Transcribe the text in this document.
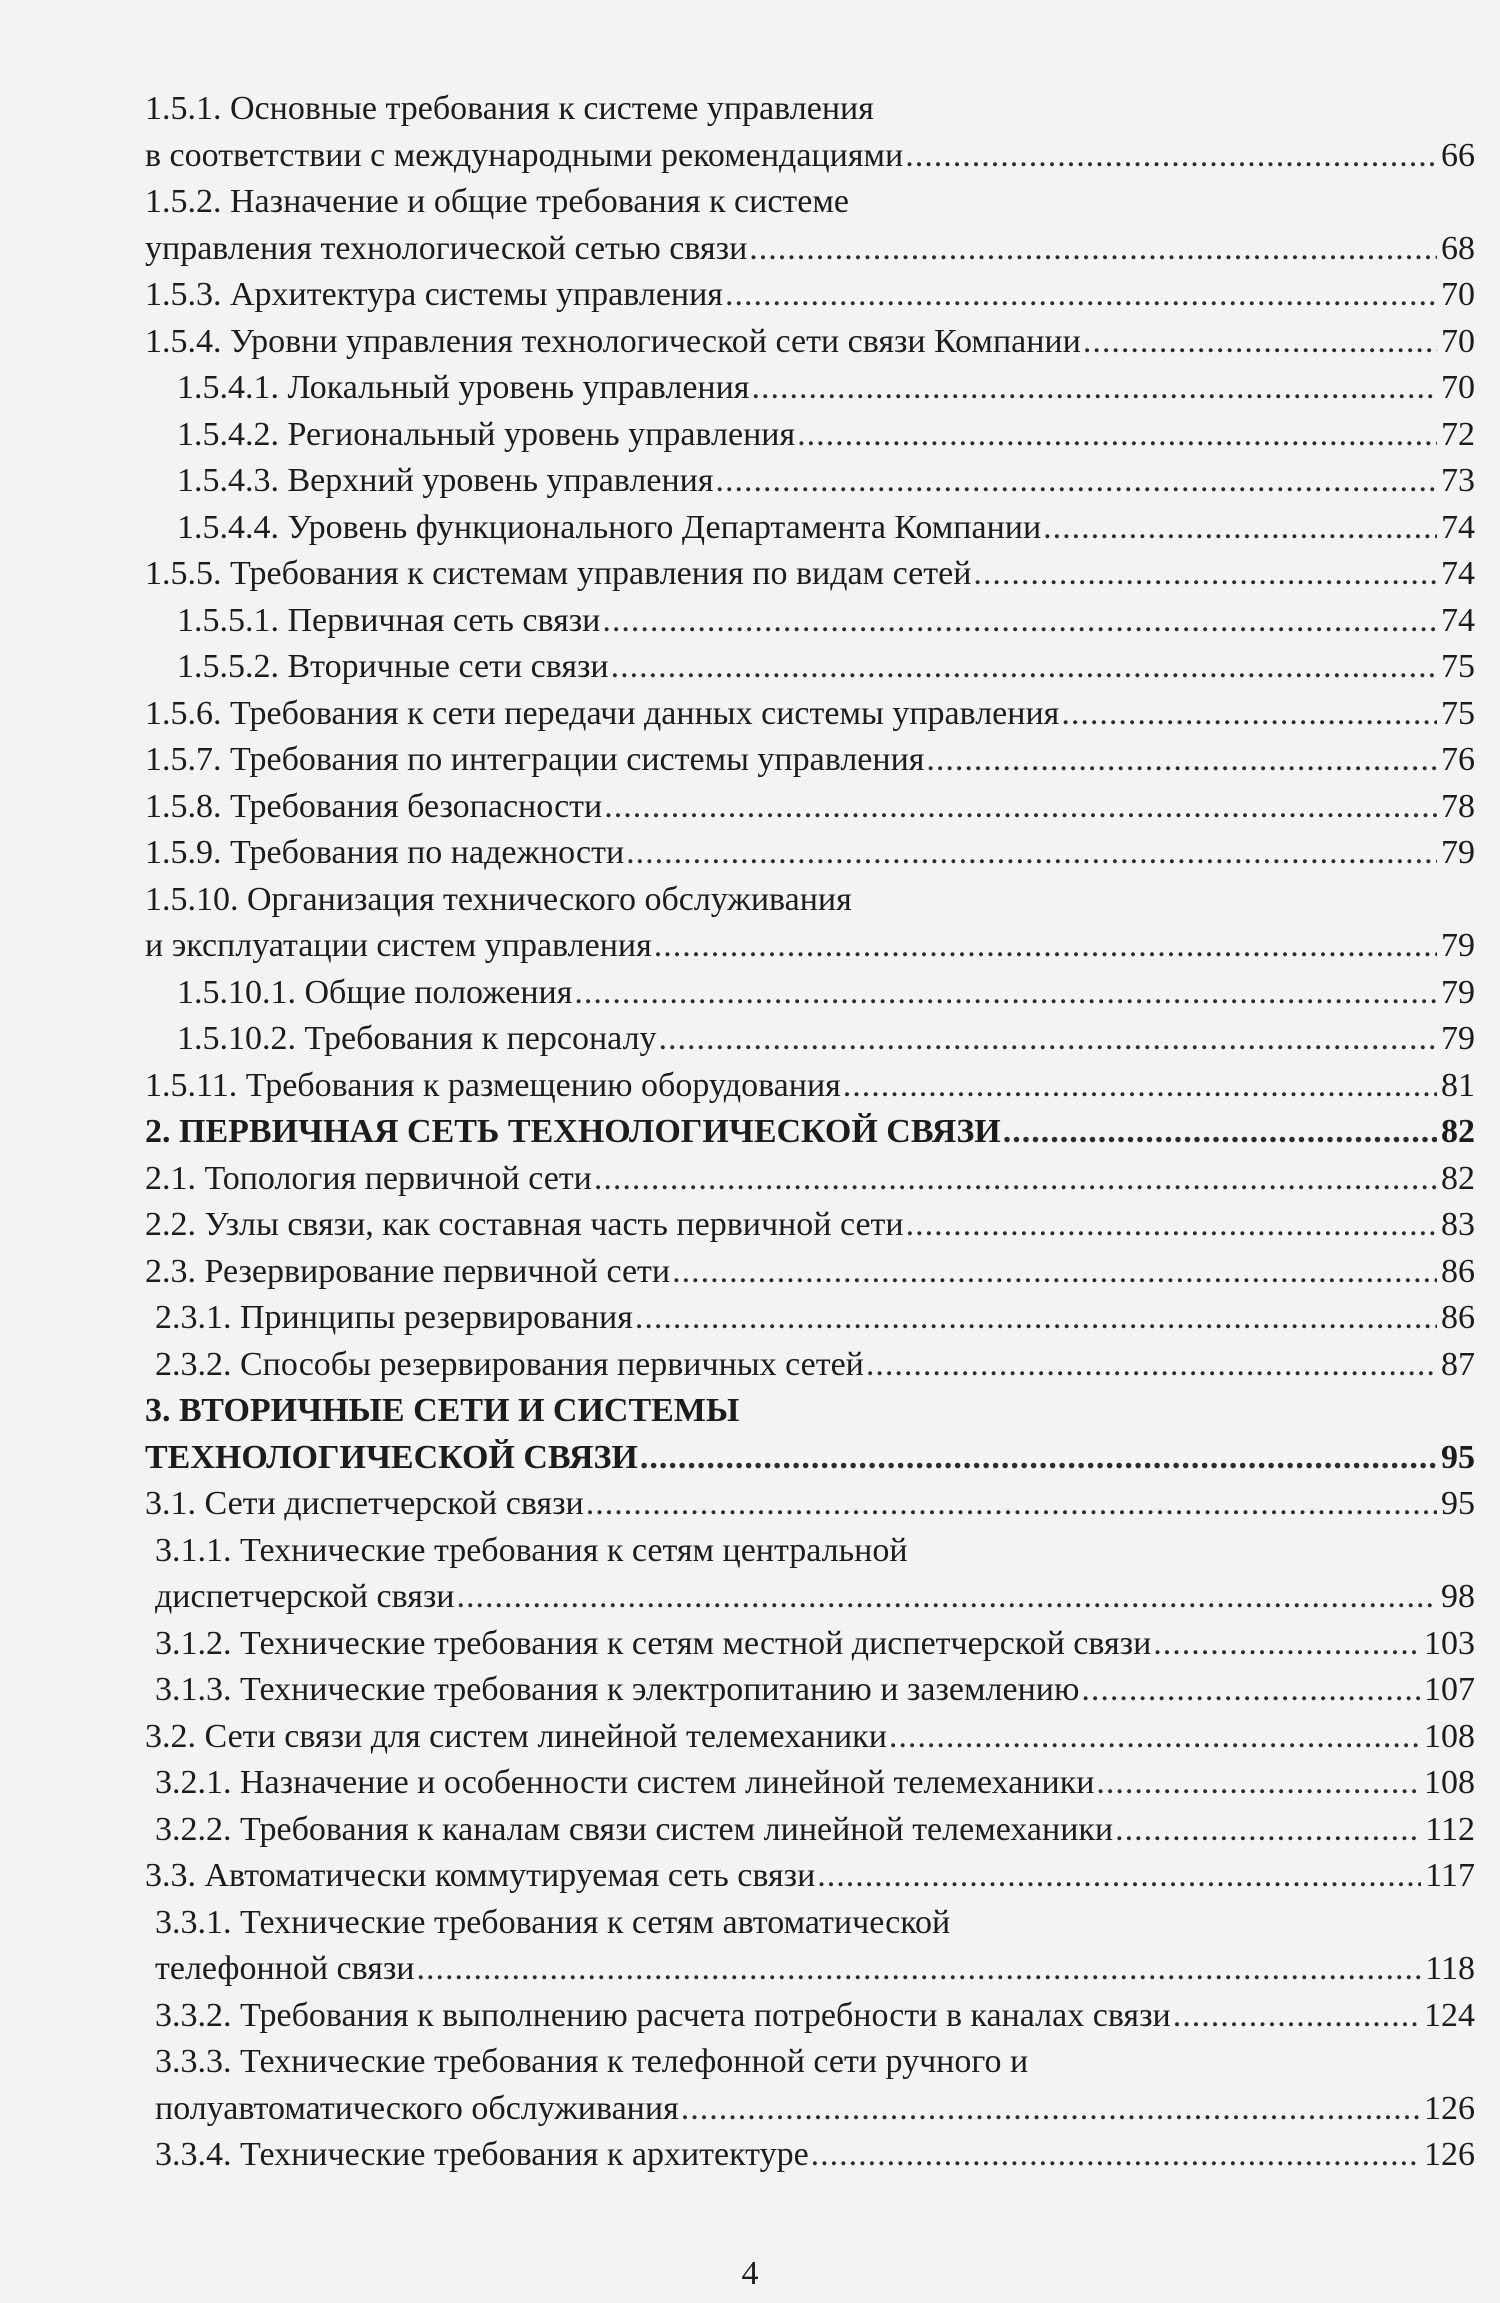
1.5.1. Основные требования к системе управления
в соответствии с международными рекомендациями .....	66
1.5.2. Назначение и общие требования к системе
управления технологической сетью связи .....	68
1.5.3. Архитектура системы управления .....	70
1.5.4. Уровни управления технологической сети связи Компании .....	70
1.5.4.1. Локальный уровень управления .....	70
1.5.4.2. Региональный уровень управления .....	72
1.5.4.3. Верхний уровень управления .....	73
1.5.4.4. Уровень функционального Департамента Компании .....	74
1.5.5. Требования к системам управления по видам сетей .....	74
1.5.5.1. Первичная сеть связи .....	74
1.5.5.2. Вторичные сети связи .....	75
1.5.6. Требования к сети передачи данных системы управления .....	75
1.5.7. Требования по интеграции системы управления .....	76
1.5.8. Требования безопасности .....	78
1.5.9. Требования по надежности .....	79
1.5.10. Организация технического обслуживания
и эксплуатации систем управления .....	79
1.5.10.1. Общие положения .....	79
1.5.10.2. Требования к персоналу .....	79
1.5.11. Требования к размещению оборудования .....	81
2. ПЕРВИЧНАЯ СЕТЬ ТЕХНОЛОГИЧЕСКОЙ СВЯЗИ .....	82
2.1. Топология первичной сети .....	82
2.2. Узлы связи, как составная часть первичной сети .....	83
2.3. Резервирование первичной сети .....	86
2.3.1. Принципы резервирования .....	86
2.3.2. Способы резервирования первичных сетей .....	87
3. ВТОРИЧНЫЕ СЕТИ И СИСТЕМЫ
ТЕХНОЛОГИЧЕСКОЙ СВЯЗИ .....	95
3.1. Сети диспетчерской связи .....	95
3.1.1. Технические требования к сетям центральной
диспетчерской связи .....	98
3.1.2. Технические требования к сетям местной диспетчерской связи .....	103
3.1.3. Технические требования к электропитанию и заземлению .....	107
3.2. Сети связи для систем линейной телемеханики .....	108
3.2.1. Назначение и особенности систем линейной телемеханики .....	108
3.2.2. Требования к каналам связи систем линейной телемеханики .....	112
3.3. Автоматически коммутируемая сеть связи .....	117
3.3.1. Технические требования к сетям автоматической
телефонной связи .....	118
3.3.2. Требования к выполнению расчета потребности в каналах связи .....	124
3.3.3. Технические требования к телефонной сети ручного и
полуавтоматического обслуживания .....	126
3.3.4. Технические требования к архитектуре .....	126
4
